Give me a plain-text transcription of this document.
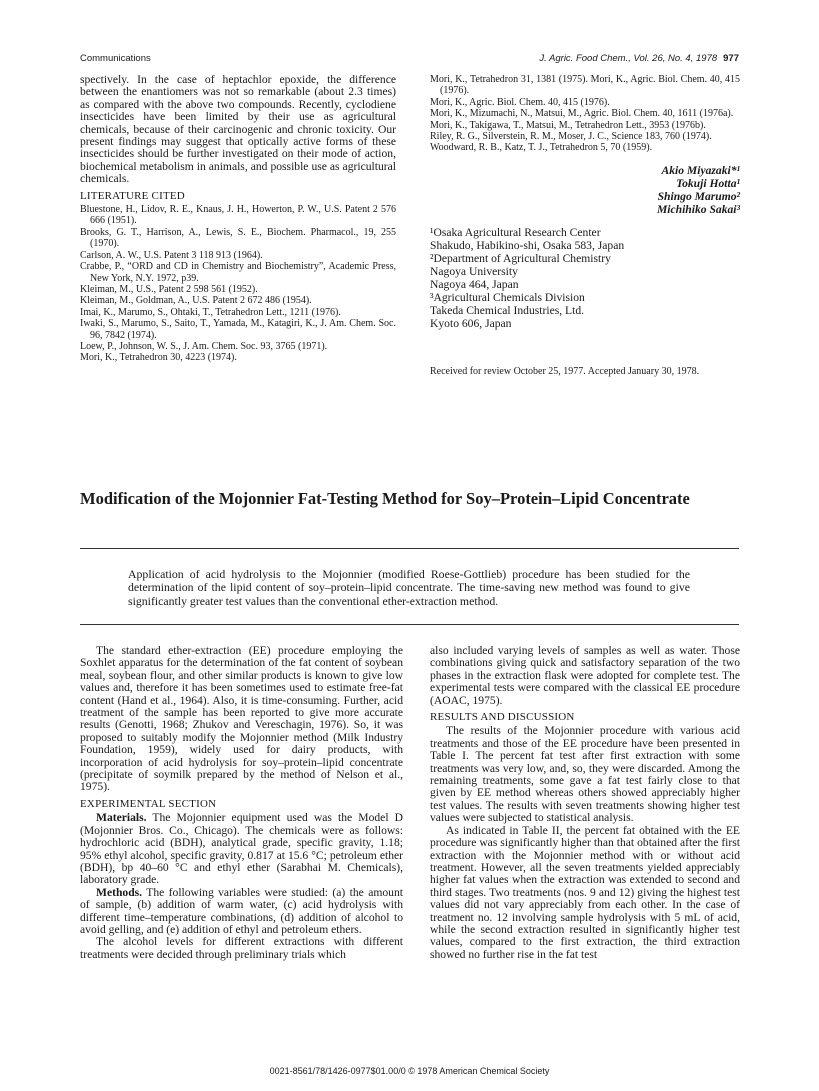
Communications	J. Agric. Food Chem., Vol. 26, No. 4, 1978 977

spectively. In the case of heptachlor epoxide, the difference between the enantiomers was not so remarkable (about 2.3 times) as compared with the above two compounds. Recently, cyclodiene insecticides have been limited by their use as agricultural chemicals, because of their carcinogenic and chronic toxicity. Our present findings may suggest that optically active forms of these insecticides should be further investigated on their mode of action, biochemical metabolism in animals, and possible use as agricultural chemicals.

LITERATURE CITED

Bluestone, H., Lidov, R. E., Knaus, J. H., Howerton, P. W., U.S. Patent 2 576 666 (1951).

Brooks, G. T., Harrison, A., Lewis, S. E., Biochem. Pharmacol., 19, 255 (1970).

Carlson, A. W., U.S. Patent 3 118 913 (1964).

Crabbe, P., “ORD and CD in Chemistry and Biochemistry”, Academic Press, New York, N.Y. 1972, p39.

Kleiman, M., U.S., Patent 2 598 561 (1952).

Kleiman, M., Goldman, A., U.S. Patent 2 672 486 (1954).

Imai, K., Marumo, S., Ohtaki, T., Tetrahedron Lett., 1211 (1976).

Iwaki, S., Marumo, S., Saito, T., Yamada, M., Katagiri, K., J. Am. Chem. Soc. 96, 7842 (1974).

Loew, P., Johnson, W. S., J. Am. Chem. Soc. 93, 3765 (1971).

Mori, K., Tetrahedron 30, 4223 (1974).

Mori, K., Tetrahedron 31, 1381 (1975). Mori, K., Agric. Biol. Chem. 40, 415 (1976).

Mori, K., Agric. Biol. Chem. 40, 415 (1976).

Mori, K., Mizumachi, N., Matsui, M., Agric. Biol. Chem. 40, 1611 (1976a).

Mori, K., Takigawa, T., Matsui, M., Tetrahedron Lett., 3953 (1976b).

Riley, R. G., Silverstein, R. M., Moser, J. C., Science 183, 760 (1974).

Woodward, R. B., Katz, T. J., Tetrahedron 5, 70 (1959).

Akio Miyazaki*¹
Tokuji Hotta¹
Shingo Marumo²
Michihiko Sakai³
¹Osaka Agricultural Research Center
Shakudo, Habikino-shi, Osaka 583, Japan
²Department of Agricultural Chemistry
Nagoya University
Nagoya 464, Japan
³Agricultural Chemicals Division
Takeda Chemical Industries, Ltd.
Kyoto 606, Japan
Received for review October 25, 1977. Accepted January 30, 1978.
Modification of the Mojonnier Fat-Testing Method for Soy–Protein–Lipid Concentrate
Application of acid hydrolysis to the Mojonnier (modified Roese-Gottlieb) procedure has been studied for the determination of the lipid content of soy–protein–lipid concentrate. The time-saving new method was found to give significantly greater test values than the conventional ether-extraction method.

The standard ether-extraction (EE) procedure employing the Soxhlet apparatus for the determination of the fat content of soybean meal, soybean flour, and other similar products is known to give low values and, therefore it has been sometimes used to estimate free-fat content (Hand et al., 1964). Also, it is time-consuming. Further, acid treatment of the sample has been reported to give more accurate results (Genotti, 1968; Zhukov and Vereschagin, 1976). So, it was proposed to suitably modify the Mojonnier method (Milk Industry Foundation, 1959), widely used for dairy products, with incorporation of acid hydrolysis for soy–protein–lipid concentrate (precipitate of soymilk prepared by the method of Nelson et al., 1975).

EXPERIMENTAL SECTION

Materials. The Mojonnier equipment used was the Model D (Mojonnier Bros. Co., Chicago). The chemicals were as follows: hydrochloric acid (BDH), analytical grade, specific gravity, 1.18; 95% ethyl alcohol, specific gravity, 0.817 at 15.6 °C; petroleum ether (BDH), bp 40–60 °C and ethyl ether (Sarabhai M. Chemicals), laboratory grade.

Methods. The following variables were studied: (a) the amount of sample, (b) addition of warm water, (c) acid hydrolysis with different time–temperature combinations, (d) addition of alcohol to avoid gelling, and (e) addition of ethyl and petroleum ethers.

The alcohol levels for different extractions with different treatments were decided through preliminary trials which

also included varying levels of samples as well as water. Those combinations giving quick and satisfactory separation of the two phases in the extraction flask were adopted for complete test. The experimental tests were compared with the classical EE procedure (AOAC, 1975).

RESULTS AND DISCUSSION

The results of the Mojonnier procedure with various acid treatments and those of the EE procedure have been presented in Table I. The percent fat test after first extraction with some treatments was very low, and, so, they were discarded. Among the remaining treatments, some gave a fat test fairly close to that given by EE method whereas others showed appreciably higher test values. The results with seven treatments showing higher test values were subjected to statistical analysis.

As indicated in Table II, the percent fat obtained with the EE procedure was significantly higher than that obtained after the first extraction with the Mojonnier method with or without acid treatment. However, all the seven treatments yielded appreciably higher fat values when the extraction was extended to second and third stages. Two treatments (nos. 9 and 12) giving the highest test values did not vary appreciably from each other. In the case of treatment no. 12 involving sample hydrolysis with 5 mL of acid, while the second extraction resulted in significantly higher test values, compared to the first extraction, the third extraction showed no further rise in the fat test

0021-8561/78/1426-0977$01.00/0 © 1978 American Chemical Society
